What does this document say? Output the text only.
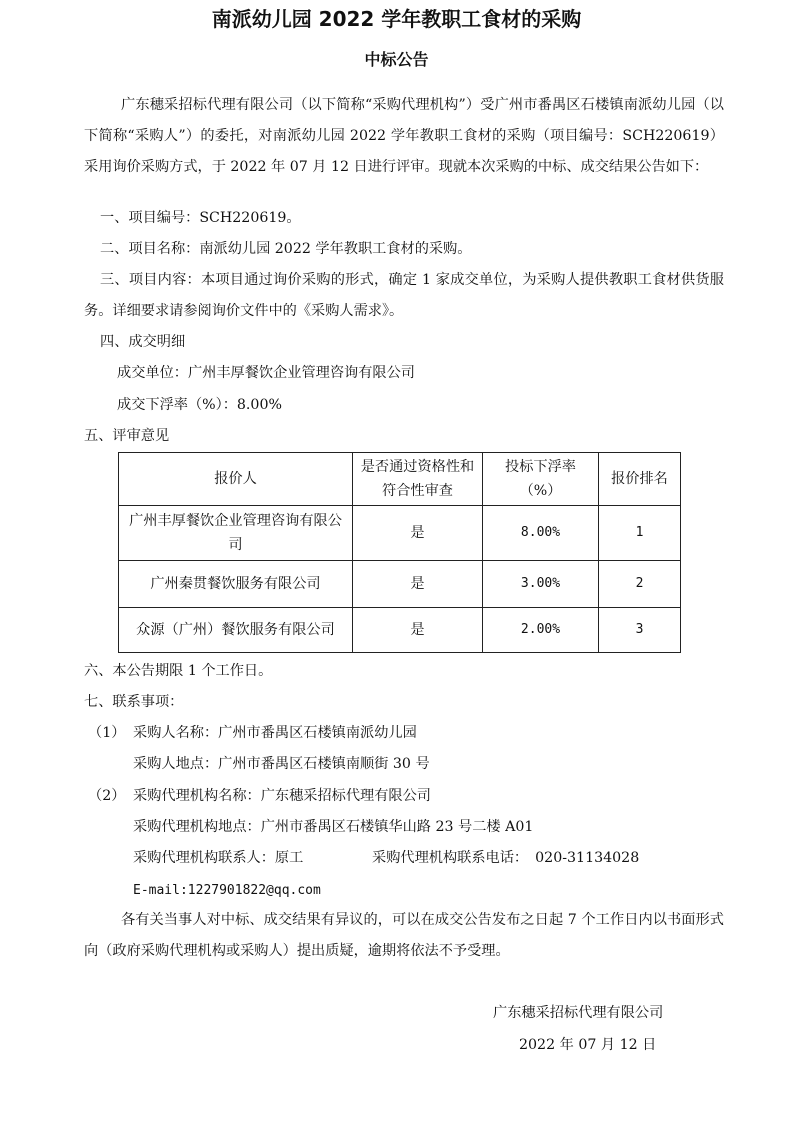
南派幼儿园 2022 学年教职工食材的采购
中标公告
广东穗采招标代理有限公司（以下简称“采购代理机构”）受广州市番禺区石楼镇南派幼儿园（以下简称“采购人”）的委托，对南派幼儿园 2022 学年教职工食材的采购（项目编号：SCH220619）采用询价采购方式，于 2022 年 07 月 12 日进行评审。现就本次采购的中标、成交结果公告如下：
一、项目编号：SCH220619。
二、项目名称：南派幼儿园 2022 学年教职工食材的采购。
三、项目内容：本项目通过询价采购的形式，确定 1 家成交单位，为采购人提供教职工食材供货服务。详细要求请参阅询价文件中的《采购人需求》。
四、成交明细
成交单位：广州丰厚餐饮企业管理咨询有限公司
成交下浮率（%）：8.00%
五、评审意见
报价人	是否通过资格性和符合性审查	投标下浮率（%）	报价排名
广州丰厚餐饮企业管理咨询有限公司	是	8.00%	1
广州秦贯餐饮服务有限公司	是	3.00%	2
众源（广州）餐饮服务有限公司	是	2.00%	3
六、本公告期限 1 个工作日。
七、联系事项：
（1） 采购人名称：广州市番禺区石楼镇南派幼儿园
采购人地点：广州市番禺区石楼镇南顺街 30 号
（2） 采购代理机构名称：广东穗采招标代理有限公司
采购代理机构地点：广州市番禺区石楼镇华山路 23 号二楼 A01
采购代理机构联系人：原工	采购代理机构联系电话：　020-31134028
E-mail:1227901822@qq.com
各有关当事人对中标、成交结果有异议的，可以在成交公告发布之日起 7 个工作日内以书面形式向（政府采购代理机构或采购人）提出质疑，逾期将依法不予受理。
广东穗采招标代理有限公司
2022 年 07 月 12 日
